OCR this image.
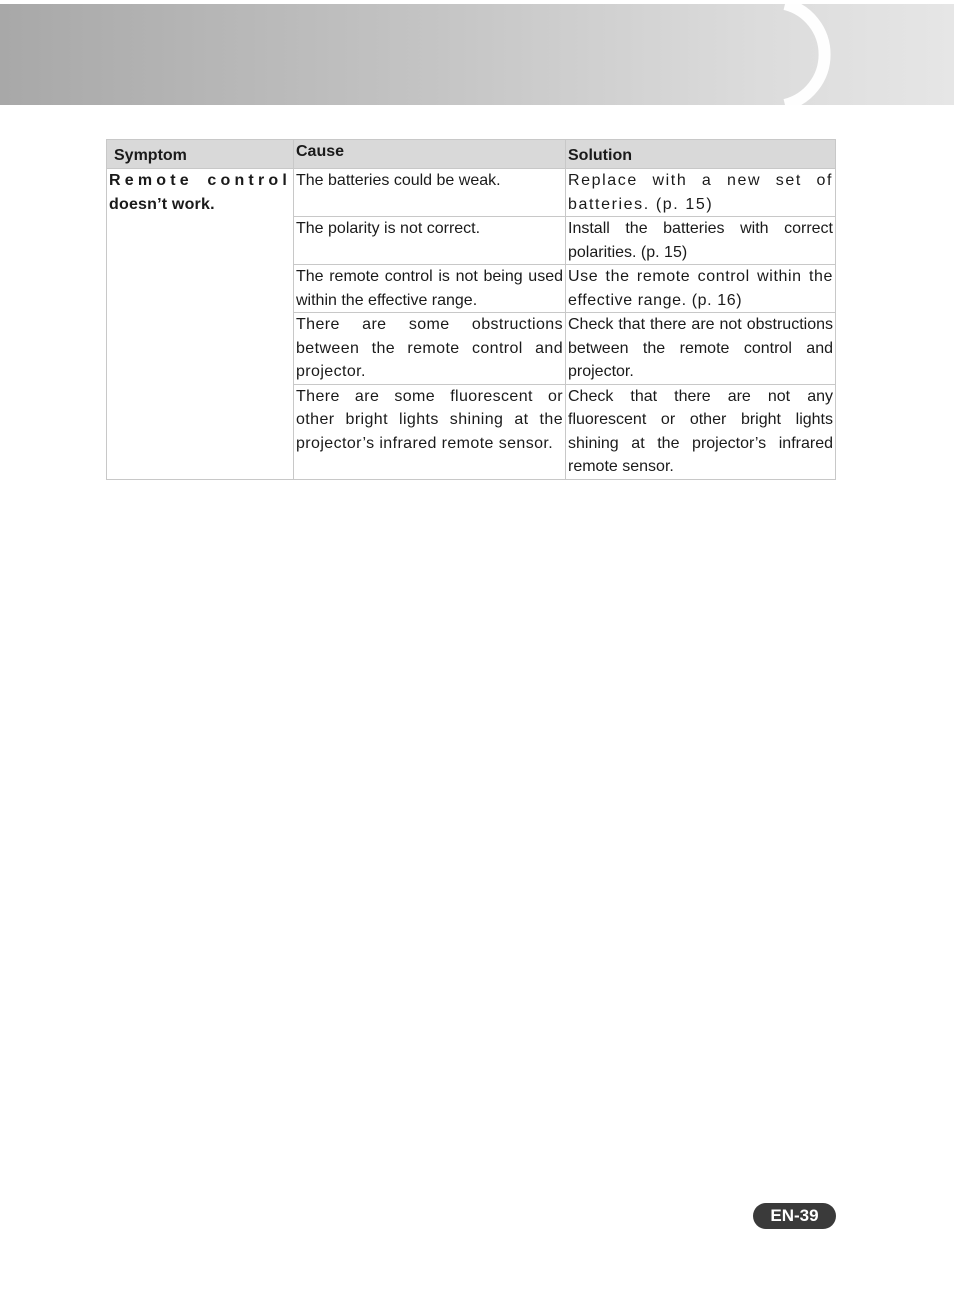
Symptom	Cause	Solution

Remote control
doesn’t work.	The batteries could be weak.	Replace with a new set of batteries. (p. 15)
	The polarity is not correct.	Install the batteries with correct polarities. (p. 15)
	The remote control is not being used within the effective range.	Use the remote control within the effective range. (p. 16)
	There are some obstructions between the remote control and projector.	Check that there are not obstructions between the remote control and projector.
	There are some fluorescent or other bright lights shining at the projector’s infrared remote sensor.	Check that there are not any fluorescent or other bright lights shining at the projector’s infrared remote sensor.
EN-39
